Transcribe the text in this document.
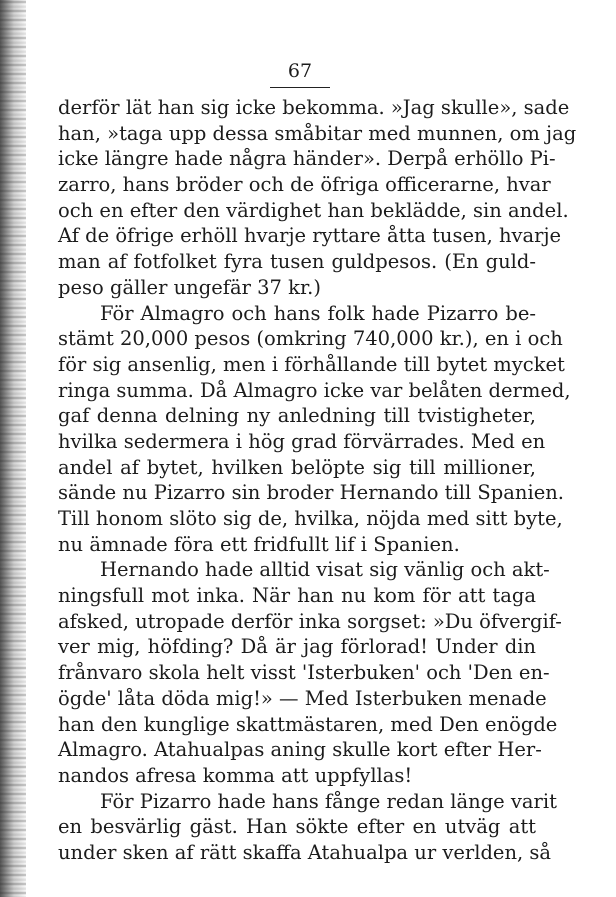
67
derför lät han sig icke bekomma. »Jag skulle», sade
han, »taga upp dessa småbitar med munnen, om jag
icke längre hade några händer». Derpå erhöllo Pi-
zarro, hans bröder och de öfriga officerarne, hvar
och en efter den värdighet han beklädde, sin andel.
Af de öfrige erhöll hvarje ryttare åtta tusen, hvarje
man af fotfolket fyra tusen guldpesos. (En guld-
peso gäller ungefär 37 kr.)
För Almagro och hans folk hade Pizarro be-
stämt 20,000 pesos (omkring 740,000 kr.), en i och
för sig ansenlig, men i förhållande till bytet mycket
ringa summa. Då Almagro icke var belåten dermed,
gaf denna delning ny anledning till tvistigheter,
hvilka sedermera i hög grad förvärrades. Med en
andel af bytet, hvilken belöpte sig till millioner,
sände nu Pizarro sin broder Hernando till Spanien.
Till honom slöto sig de, hvilka, nöjda med sitt byte,
nu ämnade föra ett fridfullt lif i Spanien.
Hernando hade alltid visat sig vänlig och akt-
ningsfull mot inka. När han nu kom för att taga
afsked, utropade derför inka sorgset: »Du öfvergif-
ver mig, höfding? Då är jag förlorad! Under din
frånvaro skola helt visst 'Isterbuken' och 'Den en-
ögde' låta döda mig!» — Med Isterbuken menade
han den kunglige skattmästaren, med Den enögde
Almagro. Atahualpas aning skulle kort efter Her-
nandos afresa komma att uppfyllas!
För Pizarro hade hans fånge redan länge varit
en besvärlig gäst. Han sökte efter en utväg att
under sken af rätt skaffa Atahualpa ur verlden, så
